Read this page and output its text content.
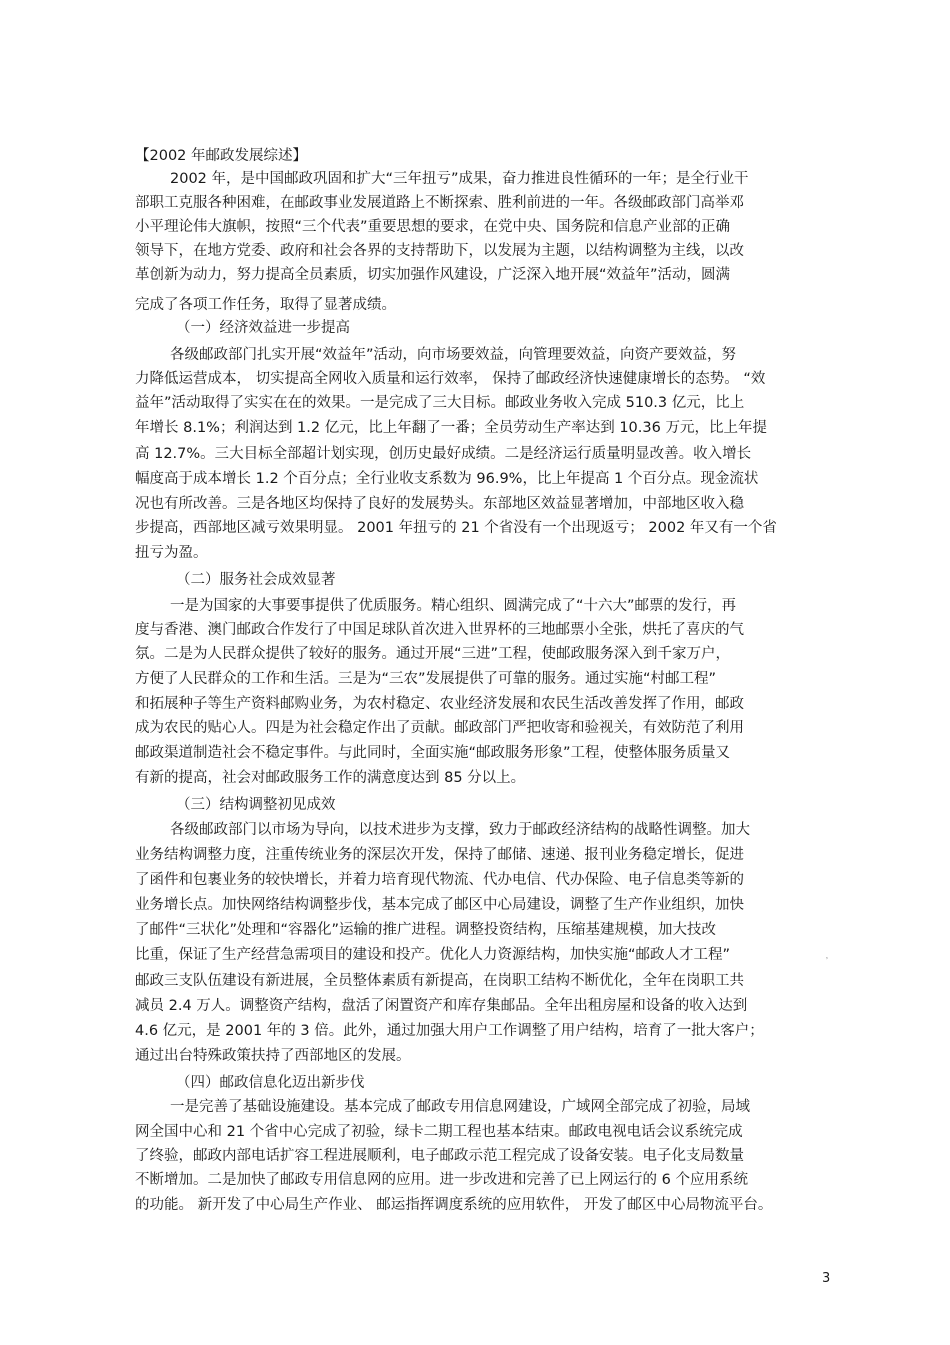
【2002 年邮政发展综述】
2002 年，是中国邮政巩固和扩大“三年扭亏”成果，奋力推进良性循环的一年；是全行业干
部职工克服各种困难，在邮政事业发展道路上不断探索、胜利前进的一年。各级邮政部门高举邓
小平理论伟大旗帜，按照“三个代表”重要思想的要求，在党中央、国务院和信息产业部的正确
领导下，在地方党委、政府和社会各界的支持帮助下，以发展为主题，以结构调整为主线，以改
革创新为动力，努力提高全员素质，切实加强作风建设，广泛深入地开展“效益年”活动，圆满
完成了各项工作任务，取得了显著成绩。
（一）经济效益进一步提高
各级邮政部门扎实开展“效益年”活动，向市场要效益，向管理要效益，向资产要效益，努
力降低运营成本， 切实提高全网收入质量和运行效率， 保持了邮政经济快速健康增长的态势。 “效
益年”活动取得了实实在在的效果。一是完成了三大目标。邮政业务收入完成 510.3 亿元，比上
年增长 8.1%；利润达到 1.2 亿元，比上年翻了一番；全员劳动生产率达到 10.36 万元，比上年提
高 12.7%。三大目标全部超计划实现，创历史最好成绩。二是经济运行质量明显改善。收入增长
幅度高于成本增长 1.2 个百分点；全行业收支系数为 96.9%，比上年提高 1 个百分点。现金流状
况也有所改善。三是各地区均保持了良好的发展势头。东部地区效益显著增加，中部地区收入稳
步提高，西部地区减亏效果明显。 2001 年扭亏的 21 个省没有一个出现返亏； 2002 年又有一个省
扭亏为盈。
（二）服务社会成效显著
一是为国家的大事要事提供了优质服务。精心组织、圆满完成了“十六大”邮票的发行，再
度与香港、澳门邮政合作发行了中国足球队首次进入世界杯的三地邮票小全张，烘托了喜庆的气
氛。二是为人民群众提供了较好的服务。通过开展“三进”工程，使邮政服务深入到千家万户，
方便了人民群众的工作和生活。三是为“三农”发展提供了可靠的服务。通过实施“村邮工程”
和拓展种子等生产资料邮购业务，为农村稳定、农业经济发展和农民生活改善发挥了作用，邮政
成为农民的贴心人。四是为社会稳定作出了贡献。邮政部门严把收寄和验视关，有效防范了利用
邮政渠道制造社会不稳定事件。与此同时，全面实施“邮政服务形象”工程，使整体服务质量又
有新的提高，社会对邮政服务工作的满意度达到 85 分以上。
（三）结构调整初见成效
各级邮政部门以市场为导向，以技术进步为支撑，致力于邮政经济结构的战略性调整。加大
业务结构调整力度，注重传统业务的深层次开发，保持了邮储、速递、报刊业务稳定增长，促进
了函件和包裹业务的较快增长，并着力培育现代物流、代办电信、代办保险、电子信息类等新的
业务增长点。加快网络结构调整步伐，基本完成了邮区中心局建设，调整了生产作业组织，加快
了邮件“三状化”处理和“容器化”运输的推广进程。调整投资结构，压缩基建规模，加大技改
比重，保证了生产经营急需项目的建设和投产。优化人力资源结构，加快实施“邮政人才工程”	，
邮政三支队伍建设有新进展，全员整体素质有新提高，在岗职工结构不断优化，全年在岗职工共
减员 2.4 万人。调整资产结构，盘活了闲置资产和库存集邮品。全年出租房屋和设备的收入达到
4.6 亿元，是 2001 年的 3 倍。此外，通过加强大用户工作调整了用户结构，培育了一批大客户；
通过出台特殊政策扶持了西部地区的发展。
（四）邮政信息化迈出新步伐
一是完善了基础设施建设。基本完成了邮政专用信息网建设，广域网全部完成了初验，局域
网全国中心和 21 个省中心完成了初验，绿卡二期工程也基本结束。邮政电视电话会议系统完成
了终验，邮政内部电话扩容工程进展顺利，电子邮政示范工程完成了设备安装。电子化支局数量
不断增加。二是加快了邮政专用信息网的应用。进一步改进和完善了已上网运行的 6 个应用系统
的功能。 新开发了中心局生产作业、 邮运指挥调度系统的应用软件， 开发了邮区中心局物流平台。
3
